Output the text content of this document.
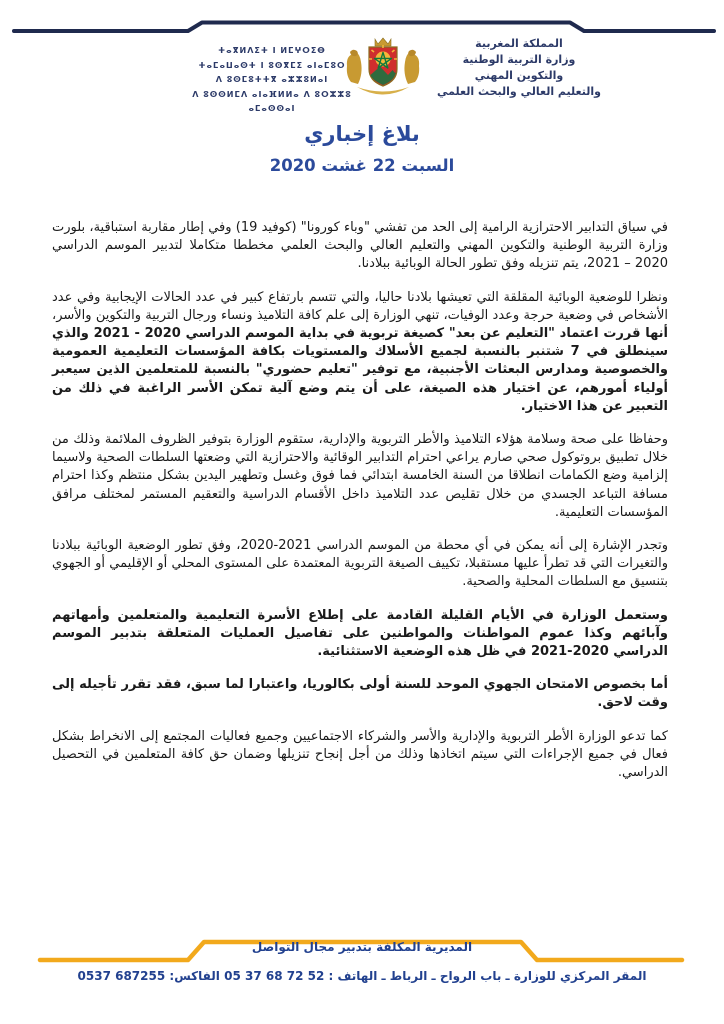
ⵜⴰⴳⵍⴷⵉⵜ ⵏ ⵍⵎⵖⵔⵉⴱ
ⵜⴰⵎⴰⵡⴰⵙⵜ ⵏ ⵓⵙⴳⵎⵉ ⴰⵏⴰⵎⵓⵔ
ⴷ ⵓⵙⵎⵓⵜⵜⴳ ⴰⵣⵣⵓⵍⴰⵏ
ⴷ ⵓⵙⵙⵍⵎⴷ ⴰⵏⴰⴼⵍⵍⴰ ⴷ ⵓⵔⵣⵣⵓ ⴰⵎⴰⵙⵙⴰⵏ
المملكة المغربية
وزارة التربية الوطنية
والتكوين المهني
والتعليم العالي والبحث العلمي
بلاغ إخباري
السبت 22 غشت 2020

في سياق التدابير الاحترازية الرامية إلى الحد من تفشي "وباء كورونا" (كوفيد 19) وفي إطار مقاربة استباقية، بلورت وزارة التربية الوطنية والتكوين المهني والتعليم العالي والبحث العلمي مخططا متكاملا لتدبير الموسم الدراسي 2020 – 2021، يتم تنزيله وفق تطور الحالة الوبائية ببلادنا.

ونظرا للوضعية الوبائية المقلقة التي تعيشها بلادنا حاليا، والتي تتسم بارتفاع كبير في عدد الحالات الإيجابية وفي عدد الأشخاص في وضعية حرجة وعدد الوفيات، تنهي الوزارة إلى علم كافة التلاميذ ونساء ورجال التربية والتكوين والأسر، أنها قررت اعتماد "التعليم عن بعد" كصيغة تربوية في بداية الموسم الدراسي 2020 - 2021 والذي سينطلق في 7 شتنبر بالنسبة لجميع الأسلاك والمستويات بكافة المؤسسات التعليمية العمومية والخصوصية ومدارس البعثات الأجنبية، مع توفير "تعليم حضوري" بالنسبة للمتعلمين الذين سيعبر أولياء أمورهم، عن اختيار هذه الصيغة، على أن يتم وضع آلية تمكن الأسر الراغبة في ذلك من التعبير عن هذا الاختيار.

وحفاظا على صحة وسلامة هؤلاء التلاميذ والأطر التربوية والإدارية، ستقوم الوزارة بتوفير الظروف الملائمة وذلك من خلال تطبيق بروتوكول صحي صارم يراعي احترام التدابير الوقائية والاحترازية التي وضعتها السلطات الصحية ولاسيما إلزامية وضع الكمامات انطلاقا من السنة الخامسة ابتدائي فما فوق وغسل وتطهير اليدين بشكل منتظم وكذا احترام مسافة التباعد الجسدي من خلال تقليص عدد التلاميذ داخل الأقسام الدراسية والتعقيم المستمر لمختلف مرافق المؤسسات التعليمية.

وتجدر الإشارة إلى أنه يمكن في أي محطة من الموسم الدراسي 2021-2020، وفق تطور الوضعية الوبائية ببلادنا والتغيرات التي قد تطرأ عليها مستقبلا، تكييف الصيغة التربوية المعتمدة على المستوى المحلي أو الإقليمي أو الجهوي بتنسيق مع السلطات المحلية والصحية.

وستعمل الوزارة في الأيام القليلة القادمة على إطلاع الأسرة التعليمية والمتعلمين وأمهاتهم وآبائهم وكذا عموم المواطنات والمواطنين على تفاصيل العمليات المتعلقة بتدبير الموسم الدراسي 2020-2021 في ظل هذه الوضعية الاستثنائية.

أما بخصوص الامتحان الجهوي الموحد للسنة أولى بكالوريا، واعتبارا لما سبق، فقد تقرر تأجيله إلى وقت لاحق.

كما تدعو الوزارة الأطر التربوية والإدارية والأسر والشركاء الاجتماعيين وجميع فعاليات المجتمع إلى الانخراط بشكل فعال في جميع الإجراءات التي سيتم اتخاذها وذلك من أجل إنجاح تنزيلها وضمان حق كافة المتعلمين في التحصيل الدراسي.

المديرية المكلفة بتدبير مجال التواصل
المقر المركزي للوزارة ـ باب الرواح ـ الرباط ـ الهاتف : 05 37 68 72 52 الفاكس: 0537 687255
